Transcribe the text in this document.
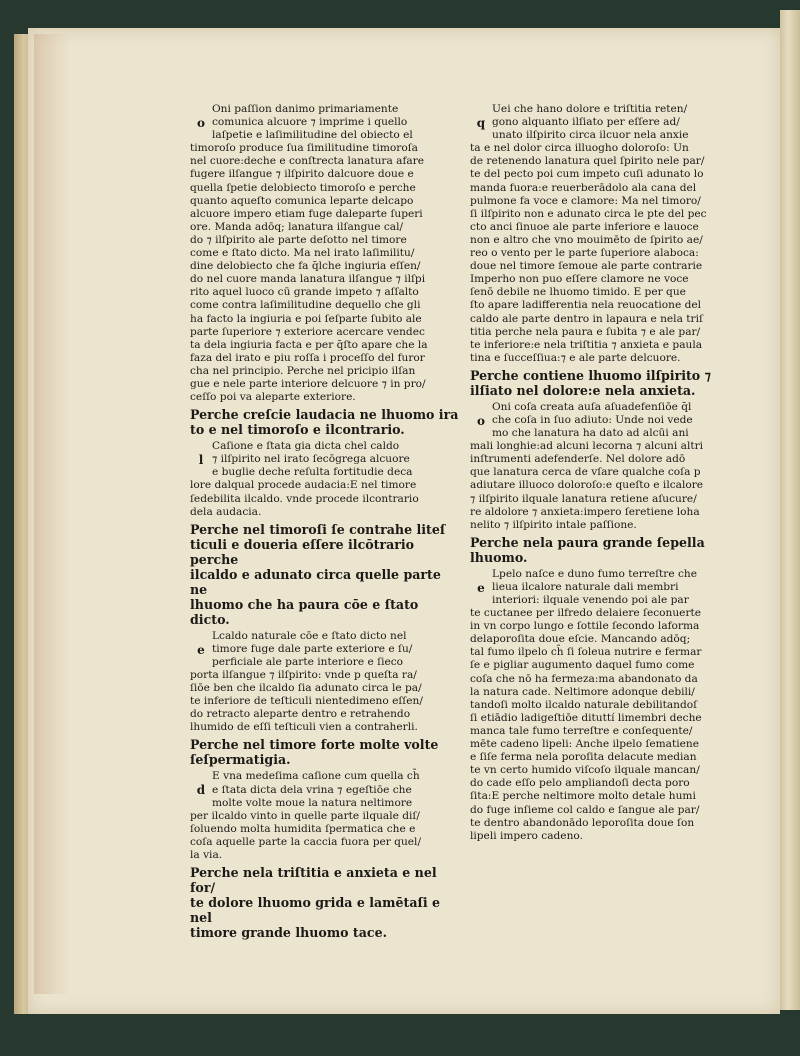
o

Oni paſſion danimo primariamente
comunica alcuore ⁊ imprime i quello
laſpetie e laſimilitudine del obiecto el
timoroſo produce ſua ſimilitudine timoroſa
nel cuore:deche e conſtrecta lanatura afare
fugere ilſangue ⁊ ilſpirito dalcuore doue e
quella ſpetie delobiecto timoroſo e perche
quanto aqueſto comunica leparte delcapo
alcuore impero etiam fuge daleparte ſuperi
ore. Manda adōq; lanatura ilſangue cal/
do ⁊ ilſpirito ale parte deſotto nel timore
come e ſtato dicto. Ma nel irato laſimilitu/
dine delobiecto che fa q̄lche ingiuria eſſen/
do nel cuore manda lanatura ilſangue ⁊ ilſpi
rito aquel luoco cū grande impeto ⁊ aſſalto
come contra laſimilitudine dequello che gli
ha facto la ingiuria e poi ſeſparte ſubito ale
parte ſuperiore ⁊ exteriore acercare vendec
ta dela ingiuria facta e per q̄ſto apare che la
faza del irato e piu roſſa i proceſſo del furor
cha nel principio. Perche nel pricipio ilſan
gue e nele parte interiore delcuore ⁊ in pro/
ceſſo poi va aleparte exteriore.

Perche creſcie laudacia ne lhuomo ira
to e nel timoroſo e ilcontrario.

l

Caſione e ſtata gia dicta chel caldo
⁊ ilſpirito nel irato ſecōgrega alcuore
e buglie deche reſulta fortitudie deca
lore dalqual procede audacia:E nel timore
ſedebilita ilcaldo. vnde procede ilcontrario
dela audacia.

Perche nel timoroſi ſe contrahe liteſ
ticuli e doueria eſſere ilcōtrario perche
ilcaldo e adunato circa quelle parte ne
lhuomo che ha paura cōe e ſtato dicto.

e

Lcaldo naturale cōe e ſtato dicto nel
timore fuge dale parte exteriore e ſu/
perficiale ale parte interiore e ſieco
porta ilſangue ⁊ ilſpirito: vnde p queſta ra/
ſiōe ben che ilcaldo ſia adunato circa le pa/
te inferiore de teſticuli nientedimeno eſſen/
do retracto aleparte dentro e retrahendo
lhumido de eſſi teſticuli vien a contraherli.

Perche nel timore forte molte volte
ſeſpermatigia.

d

E vna medeſima caſione cum quella ch̄
e ſtata dicta dela vrina ⁊ egeſtiōe che
molte volte moue la natura neltimore
per ilcaldo vinto in quelle parte ilquale diſ/
ſoluendo molta humidita ſpermatica che e
coſa aquelle parte la caccia fuora per quel/
la via.

Perche nela triſtitia e anxieta e nel for/
te dolore lhuomo grida e lamētaſi e nel
timore grande lhuomo tace.

q

Uei che hano dolore e triſtitia reten/
gono alquanto ilſiato per eſſere ad/
unato ilſpirito circa ilcuor nela anxie
ta e nel dolor circa illuogho doloroſo: Un
de retenendo lanatura quel ſpirito nele par/
te del pecto poi cum impeto cuſi adunato lo
manda fuora:e reuerberādolo ala cana del
pulmone fa voce e clamore: Ma nel timoro/
ſi ilſpirito non e adunato circa le pte del pec
cto anci ſinuoe ale parte inferiore e lauoce
non e altro che vno mouimēto de ſpirito ae/
reo o vento per le parte ſuperiore alaboca:
doue nel timore ſemoue ale parte contrarie
Imperho non puo eſſere clamore ne voce
ſenō debile ne lhuomo timido. E per que
ſto apare ladifferentia nela reuocatione del
caldo ale parte dentro in lapaura e nela triſ
titia perche nela paura e ſubita ⁊ e ale par/
te inferiore:e nela triſtitia ⁊ anxieta e paula
tina e ſucceſſiua:⁊ e ale parte delcuore.

Perche contiene lhuomo ilſpirito ⁊
ilſiato nel dolore:e nela anxieta.

o

Oni coſa creata auſa aſuadefenſiōe q̄l
che coſa in ſuo adiuto: Unde noi vede
mo che lanatura ha dato ad alcūi ani
mali longhie:ad alcuni lecorna ⁊ alcuni altri
inſtrumenti adefenderſe. Nel dolore adō
que lanatura cerca de vſare qualche coſa p
adiutare illuoco doloroſo:e queſto e ilcalore
⁊ ilſpirito ilquale lanatura retiene aſucure/
re aldolore ⁊ anxieta:impero ſeretiene loha
nelito ⁊ ilſpirito intale paſſione.

Perche nela paura grande ſepella
lhuomo.

e

Lpelo naſce e duno fumo terreſtre che
lieua ilcalore naturale dali membri
interiori: ilquale venendo poi ale par
te cuctanee per ilfredo delaiere ſeconuerte
in vn corpo lungo e ſottile ſecondo laforma
delaporoſita doue eſcie. Mancando adōq;
tal fumo ilpelo ch̄ ſi ſoleua nutrire e fermar
ſe e pigliar augumento daquel fumo come
coſa che nō ha fermeza:ma abandonato da
la natura cade. Neltimore adonque debili/
tandoſi molto ilcaldo naturale debilitandoſ
ſi etiādio ladigeſtiōe dituttí limembri deche
manca tale fumo terreſtre e conſequente/
mēte cadeno lipeli: Anche ilpelo ſematiene
e ſiſe ferma nela poroſita delacute median
te vn certo humido viſcoſo ilquale mancan/
do cade eſſo pelo ampliandoſi decta poro
ſita:E perche neltimore molto detale humi
do fuge inſieme col caldo e ſangue ale par/
te dentro abandonādo leporoſita doue ſon
lipeli impero cadeno.
